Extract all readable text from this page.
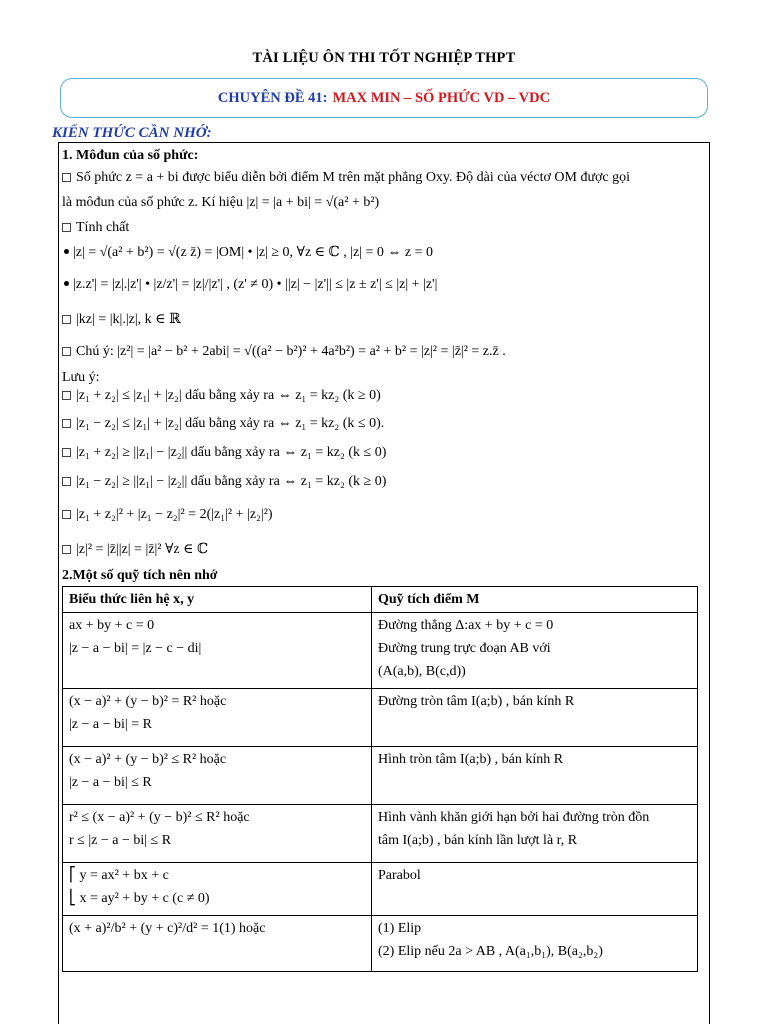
TÀI LIỆU ÔN THI TỐT NGHIỆP THPT
CHUYÊN ĐỀ 41: MAX MIN – SỐ PHỨC VD – VDC
KIẾN THỨC CẦN NHỚ:
1. Môđun của số phức:
Số phức z = a + bi được biểu diễn bởi điểm M trên mặt phẳng Oxy. Độ dài của véctơ OM được gọi
là môđun của số phức z. Kí hiệu |z| = |a + bi| = √(a² + b²)
Tính chất
|z| = √(a² + b²) = √(z z̄) = |OM| • |z| ≥ 0, ∀z ∈ ℂ , |z| = 0 ⇔ z = 0
|z.z'| = |z|.|z'| • |z/z'| = |z|/|z'| , (z' ≠ 0) • ||z| − |z'|| ≤ |z ± z'| ≤ |z| + |z'|
|kz| = |k|.|z|, k ∈ ℝ
Chú ý: |z²| = |a² − b² + 2abi| = √((a² − b²)² + 4a²b²) = a² + b² = |z|² = |z̄|² = z.z̄ .
Lưu ý:
|z₁ + z₂| ≤ |z₁| + |z₂| dấu bằng xảy ra ⇔ z₁ = kz₂ (k ≥ 0)
|z₁ − z₂| ≤ |z₁| + |z₂| dấu bằng xảy ra ⇔ z₁ = kz₂ (k ≤ 0).
|z₁ + z₂| ≥ ||z₁| − |z₂|| dấu bằng xảy ra ⇔ z₁ = kz₂ (k ≤ 0)
|z₁ − z₂| ≥ ||z₁| − |z₂|| dấu bằng xảy ra ⇔ z₁ = kz₂ (k ≥ 0)
|z₁ + z₂|² + |z₁ − z₂|² = 2(|z₁|² + |z₂|²)
|z|² = |z̄||z| = |z̄|² ∀z ∈ ℂ
2.Một số quỹ tích nên nhớ
Biểu thức liên hệ x, y	Quỹ tích điểm M

ax + by + c = 0
|z − a − bi| = |z − c − di|	Đường thẳng Δ:ax + by + c = 0
Đường trung trực đoạn AB với
(A(a,b), B(c,d))

(x − a)² + (y − b)² = R² hoặc
|z − a − bi| = R	Đường tròn tâm I(a;b) , bán kính R

(x − a)² + (y − b)² ≤ R² hoặc
|z − a − bi| ≤ R	Hình tròn tâm I(a;b) , bán kính R

r² ≤ (x − a)² + (y − b)² ≤ R² hoặc
r ≤ |z − a − bi| ≤ R	Hình vành khăn giới hạn bởi hai đường tròn đồn
tâm I(a;b) , bán kính lần lượt là r, R

⎡ y = ax² + bx + c
⎣ x = ay² + by + c (c ≠ 0)	Parabol

(x + a)²/b² + (y + c)²/d² = 1(1) hoặc	(1) Elip
(2) Elip nếu 2a > AB , A(a₁,b₁), B(a₂,b₂)
